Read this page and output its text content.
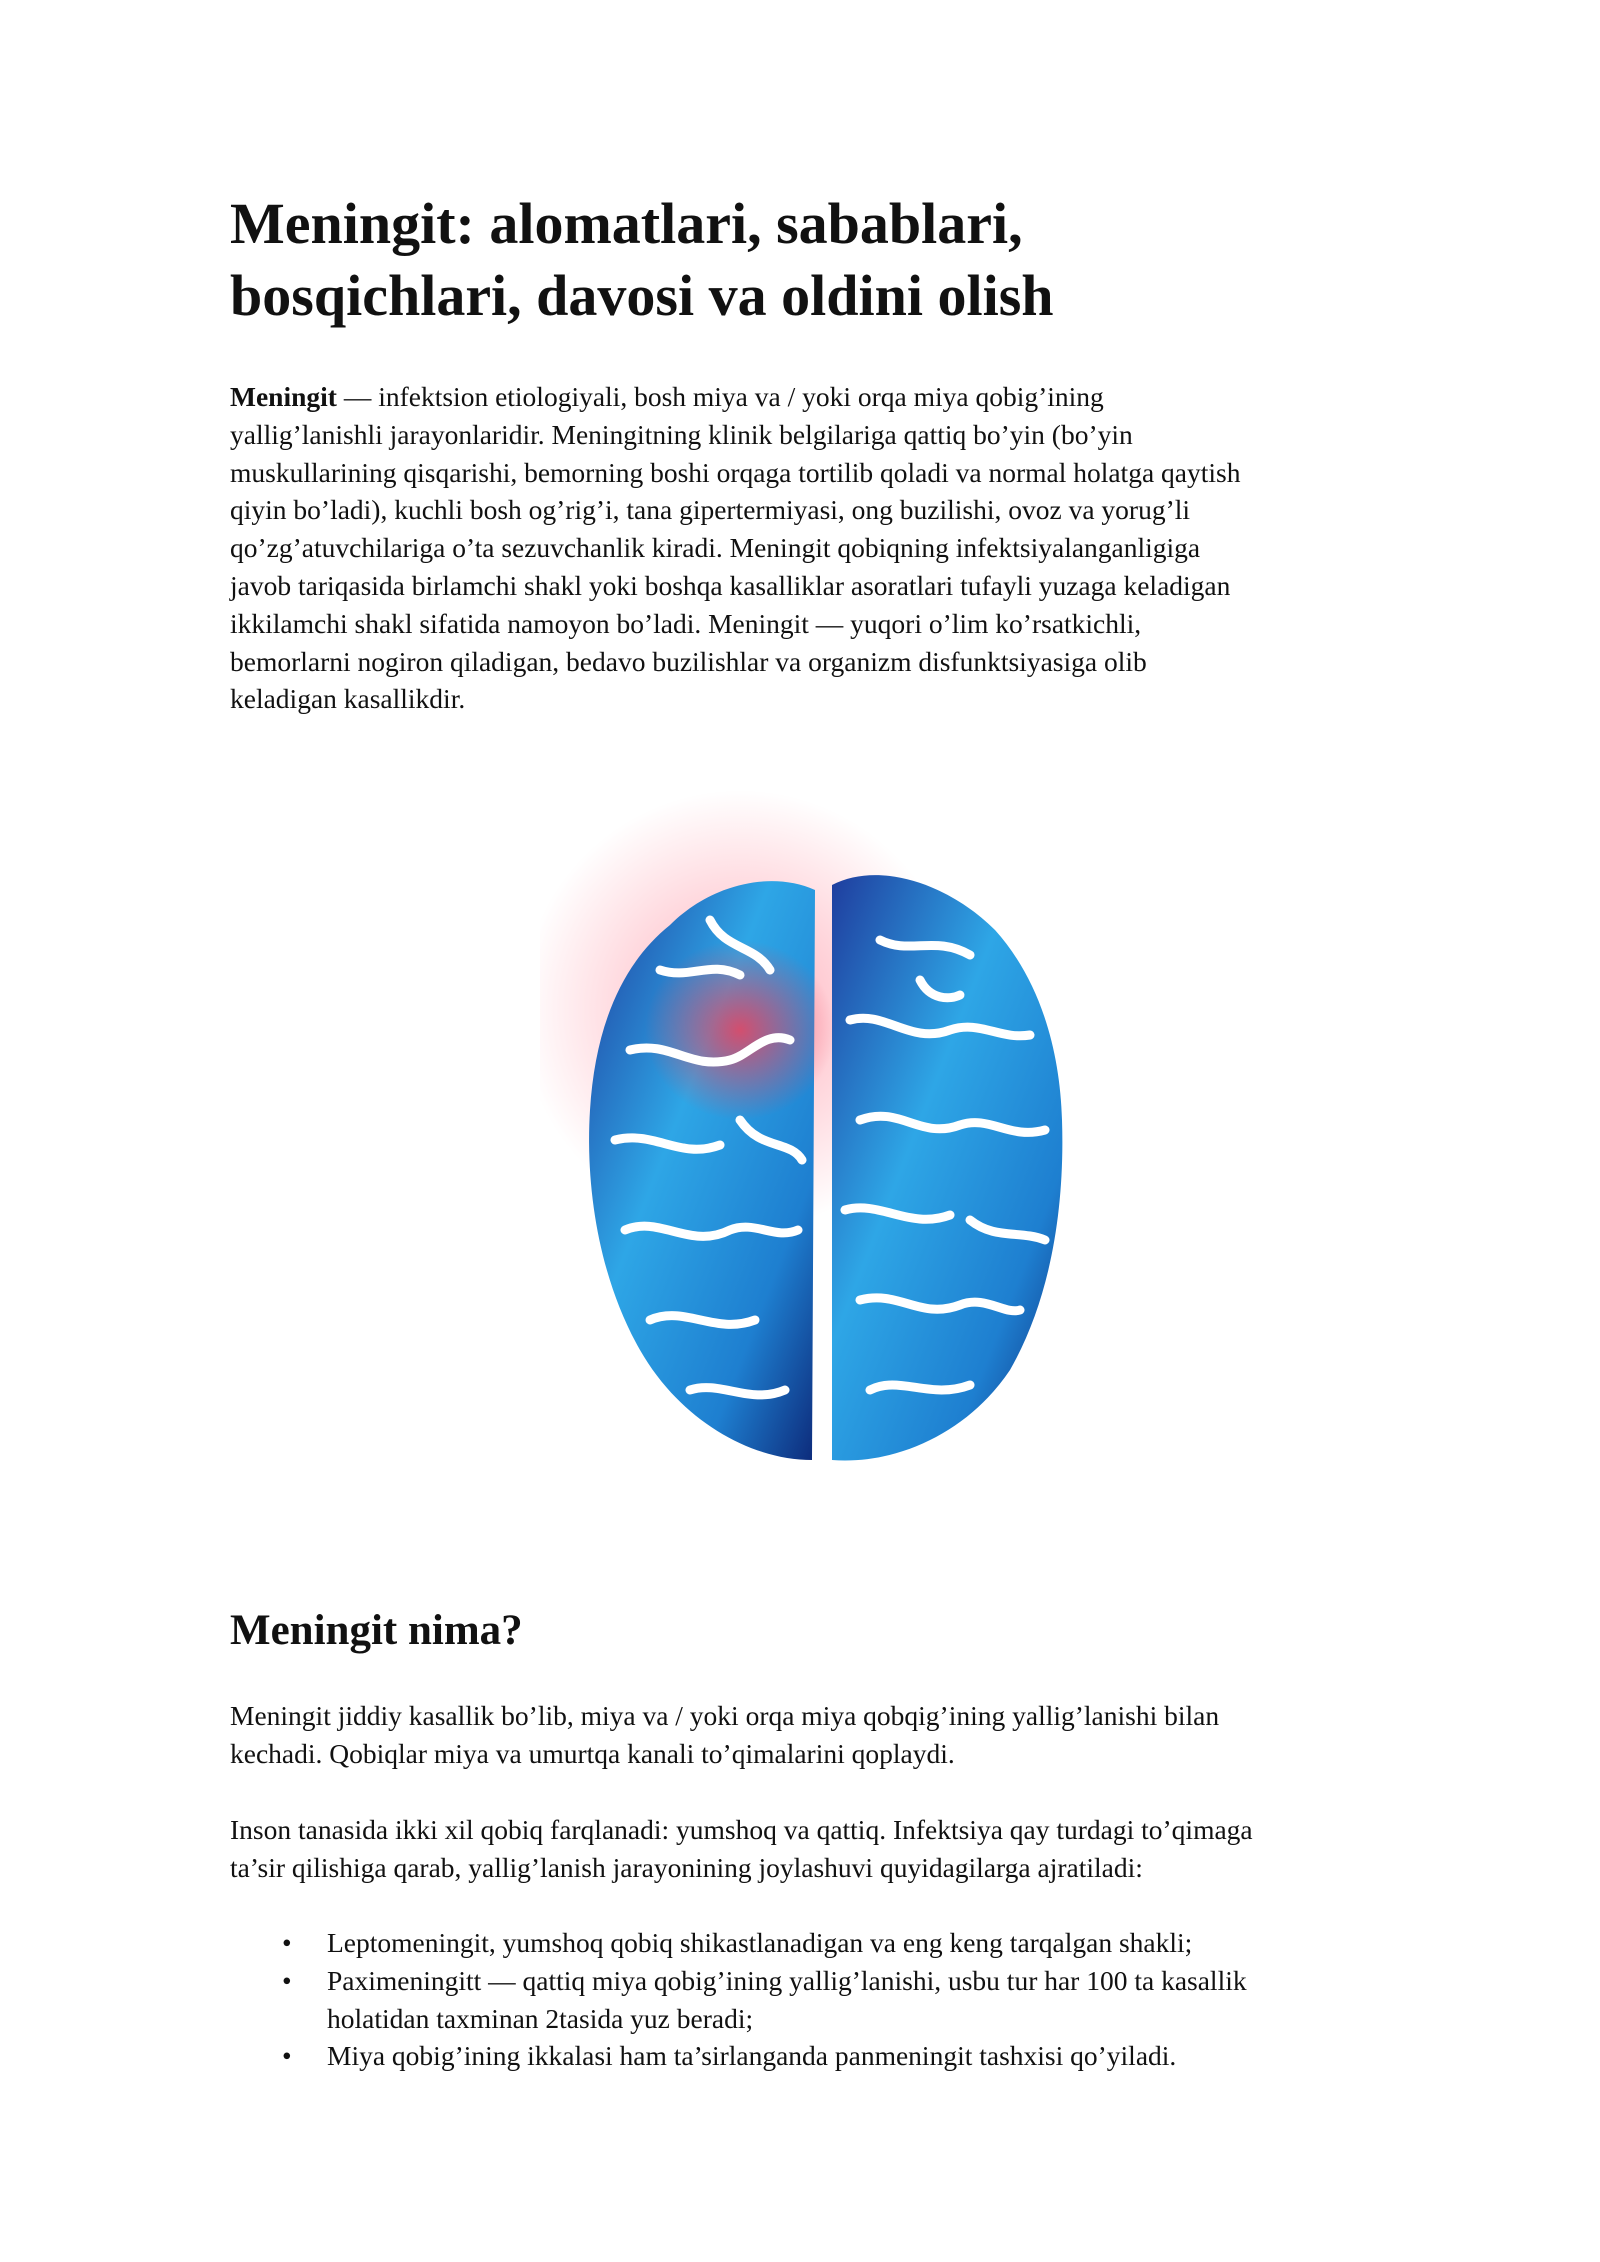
Meningit: alomatlari, sabablari,
bosqichlari, davosi va oldini olish

Meningit — infektsion etiologiyali, bosh miya va / yoki orqa miya qobig’ining
yallig’lanishli jarayonlaridir. Meningitning klinik belgilariga qattiq bo’yin (bo’yin
muskullarining qisqarishi, bemorning boshi orqaga tortilib qoladi va normal holatga qaytish
qiyin bo’ladi), kuchli bosh og’rig’i, tana gipertermiyasi, ong buzilishi, ovoz va yorug’li
qo’zg’atuvchilariga o’ta sezuvchanlik kiradi. Meningit qobiqning infektsiyalanganligiga
javob tariqasida birlamchi shakl yoki boshqa kasalliklar asoratlari tufayli yuzaga keladigan
ikkilamchi shakl sifatida namoyon bo’ladi. Meningit — yuqori o’lim ko’rsatkichli,
bemorlarni nogiron qiladigan, bedavo buzilishlar va organizm disfunktsiyasiga olib
keladigan kasallikdir.

Meningit nima?

Meningit jiddiy kasallik bo’lib, miya va / yoki orqa miya qobqig’ining yallig’lanishi bilan
kechadi. Qobiqlar miya va umurtqa kanali to’qimalarini qoplaydi.

Inson tanasida ikki xil qobiq farqlanadi: yumshoq va qattiq. Infektsiya qay turdagi to’qimaga
ta’sir qilishiga qarab, yallig’lanish jarayonining joylashuvi quyidagilarga ajratiladi:

• Leptomeningit, yumshoq qobiq shikastlanadigan va eng keng tarqalgan shakli;
• Paximeningitt — qattiq miya qobig’ining yallig’lanishi, usbu tur har 100 ta kasallik
holatidan taxminan 2tasida yuz beradi;
• Miya qobig’ining ikkalasi ham ta’sirlanganda panmeningit tashxisi qo’yiladi.
